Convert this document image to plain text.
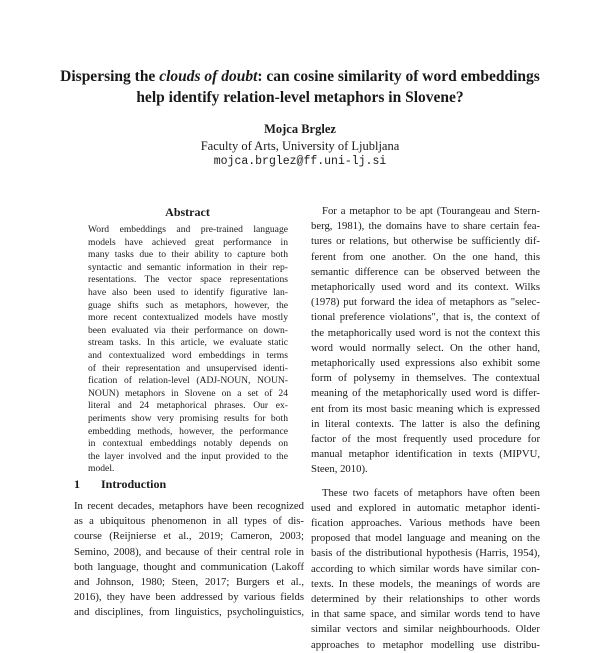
Dispersing the clouds of doubt: can cosine similarity of word embeddings
help identify relation-level metaphors in Slovene?
Mojca Brglez
Faculty of Arts, University of Ljubljana
mojca.brglez@ff.uni-lj.si
Abstract
Word embeddings and pre-trained language
models have achieved great performance in
many tasks due to their ability to capture both
syntactic and semantic information in their rep-
resentations. The vector space representations
have also been used to identify figurative lan-
guage shifts such as metaphors, however, the
more recent contextualized models have mostly
been evaluated via their performance on down-
stream tasks. In this article, we evaluate static
and contextualized word embeddings in terms
of their representation and unsupervised identi-
fication of relation-level (ADJ-NOUN, NOUN-
NOUN) metaphors in Slovene on a set of 24
literal and 24 metaphorical phrases. Our ex-
periments show very promising results for both
embedding methods, however, the performance
in contextual embeddings notably depends on
the layer involved and the input provided to the
model.
1 Introduction
In recent decades, metaphors have been recognized
as a ubiquitous phenomenon in all types of dis-
course (Reijnierse et al., 2019; Cameron, 2003;
Semino, 2008), and because of their central role in
both language, thought and communication (Lakoff
and Johnson, 1980; Steen, 2017; Burgers et al.,
2016), they have been addressed by various fields
and disciplines, from linguistics, psycholinguistics,
For a metaphor to be apt (Tourangeau and Stern-
berg, 1981), the domains have to share certain fea-
tures or relations, but otherwise be sufficiently dif-
ferent from one another. On the one hand, this
semantic difference can be observed between the
metaphorically used word and its context. Wilks
(1978) put forward the idea of metaphors as "selec-
tional preference violations", that is, the context of
the metaphorically used word is not the context this
word would normally select. On the other hand,
metaphorically used expressions also exhibit some
form of polysemy in themselves. The contextual
meaning of the metaphorically used word is differ-
ent from its most basic meaning which is expressed
in literal contexts. The latter is also the defining
factor of the most frequently used procedure for
manual metaphor identification in texts (MIPVU,
Steen, 2010).
These two facets of metaphors have often been
used and explored in automatic metaphor identi-
fication approaches. Various methods have been
proposed that model language and meaning on the
basis of the distributional hypothesis (Harris, 1954),
according to which similar words have similar con-
texts. In these models, the meanings of words are
determined by their relationships to other words
in that same space, and similar words tend to have
similar vectors and similar neighbourhoods. Older
approaches to metaphor modelling use distribu-
